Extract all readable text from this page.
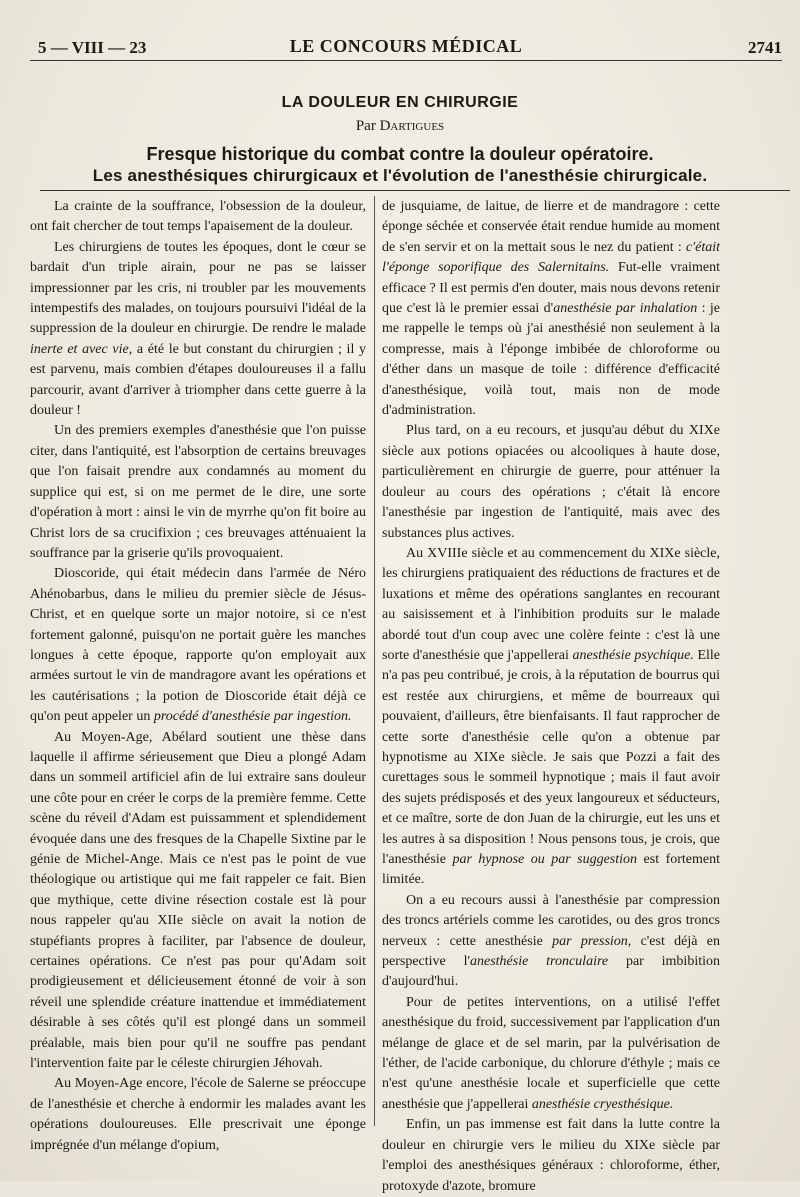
5 — VIII — 23	LE CONCOURS MÉDICAL	2741
LA DOULEUR EN CHIRURGIE
Par Dartigues
Fresque historique du combat contre la douleur opératoire.
Les anesthésiques chirurgicaux et l'évolution de l'anesthésie chirurgicale.

La crainte de la souffrance, l'obsession de la douleur, ont fait chercher de tout temps l'apaisement de la douleur.

Les chirurgiens de toutes les époques, dont le cœur se bardait d'un triple airain, pour ne pas se laisser impressionner par les cris, ni troubler par les mouvements intempestifs des malades, on toujours poursuivi l'idéal de la suppression de la douleur en chirurgie. De rendre le malade inerte et avec vie, a été le but constant du chirurgien ; il y est parvenu, mais combien d'étapes douloureuses il a fallu parcourir, avant d'arriver à triompher dans cette guerre à la douleur !

Un des premiers exemples d'anesthésie que l'on puisse citer, dans l'antiquité, est l'absorption de certains breuvages que l'on faisait prendre aux condamnés au moment du supplice qui est, si on me permet de le dire, une sorte d'opération à mort : ainsi le vin de myrrhe qu'on fit boire au Christ lors de sa crucifixion ; ces breuvages atténuaient la souffrance par la griserie qu'ils provoquaient.

Dioscoride, qui était médecin dans l'armée de Néro Ahénobarbus, dans le milieu du premier siècle de Jésus-Christ, et en quelque sorte un major notoire, si ce n'est fortement galonné, puisqu'on ne portait guère les manches longues à cette époque, rapporte qu'on employait aux armées surtout le vin de mandragore avant les opérations et les cautérisations ; la potion de Dioscoride était déjà ce qu'on peut appeler un procédé d'anesthésie par ingestion.

Au Moyen-Age, Abélard soutient une thèse dans laquelle il affirme sérieusement que Dieu a plongé Adam dans un sommeil artificiel afin de lui extraire sans douleur une côte pour en créer le corps de la première femme. Cette scène du réveil d'Adam est puissamment et splendidement évoquée dans une des fresques de la Chapelle Sixtine par le génie de Michel-Ange. Mais ce n'est pas le point de vue théologique ou artistique qui me fait rappeler ce fait. Bien que mythique, cette divine résection costale est là pour nous rappeler qu'au XIIe siècle on avait la notion de stupéfiants propres à faciliter, par l'absence de douleur, certaines opérations. Ce n'est pas pour qu'Adam soit prodigieusement et délicieusement étonné de voir à son réveil une splendide créature inattendue et immédiatement désirable à ses côtés qu'il est plongé dans un sommeil préalable, mais bien pour qu'il ne souffre pas pendant l'intervention faite par le céleste chirurgien Jéhovah.

Au Moyen-Age encore, l'école de Salerne se préoccupe de l'anesthésie et cherche à endormir les malades avant les opérations douloureuses. Elle prescrivait une éponge imprégnée d'un mélange d'opium,

de jusquiame, de laitue, de lierre et de mandragore : cette éponge séchée et conservée était rendue humide au moment de s'en servir et on la mettait sous le nez du patient : c'était l'éponge soporifique des Salernitains. Fut-elle vraiment efficace ? Il est permis d'en douter, mais nous devons retenir que c'est là le premier essai d'anesthésie par inhalation : je me rappelle le temps où j'ai anesthésié non seulement à la compresse, mais à l'éponge imbibée de chloroforme ou d'éther dans un masque de toile : différence d'efficacité d'anesthésique, voilà tout, mais non de mode d'administration.

Plus tard, on a eu recours, et jusqu'au début du XIXe siècle aux potions opiacées ou alcooliques à haute dose, particulièrement en chirurgie de guerre, pour atténuer la douleur au cours des opérations ; c'était là encore l'anesthésie par ingestion de l'antiquité, mais avec des substances plus actives.

Au XVIIIe siècle et au commencement du XIXe siècle, les chirurgiens pratiquaient des réductions de fractures et de luxations et même des opérations sanglantes en recourant au saisissement et à l'inhibition produits sur le malade abordé tout d'un coup avec une colère feinte : c'est là une sorte d'anesthésie que j'appellerai anesthésie psychique. Elle n'a pas peu contribué, je crois, à la réputation de bourrus qui est restée aux chirurgiens, et même de bourreaux qui pouvaient, d'ailleurs, être bienfaisants. Il faut rapprocher de cette sorte d'anesthésie celle qu'on a obtenue par hypnotisme au XIXe siècle. Je sais que Pozzi a fait des curettages sous le sommeil hypnotique ; mais il faut avoir des sujets prédisposés et des yeux langoureux et séducteurs, et ce maître, sorte de don Juan de la chirurgie, eut les uns et les autres à sa disposition ! Nous pensons tous, je crois, que l'anesthésie par hypnose ou par suggestion est fortement limitée.

On a eu recours aussi à l'anesthésie par compression des troncs artériels comme les carotides, ou des gros troncs nerveux : cette anesthésie par pression, c'est déjà en perspective l'anesthésie tronculaire par imbibition d'aujourd'hui.

Pour de petites interventions, on a utilisé l'effet anesthésique du froid, successivement par l'application d'un mélange de glace et de sel marin, par la pulvérisation de l'éther, de l'acide carbonique, du chlorure d'éthyle ; mais ce n'est qu'une anesthésie locale et superficielle que cette anesthésie que j'appellerai anesthésie cryesthésique.

Enfin, un pas immense est fait dans la lutte contre la douleur en chirurgie vers le milieu du XIXe siècle par l'emploi des anesthésiques généraux : chloroforme, éther, protoxyde d'azote, bromure
